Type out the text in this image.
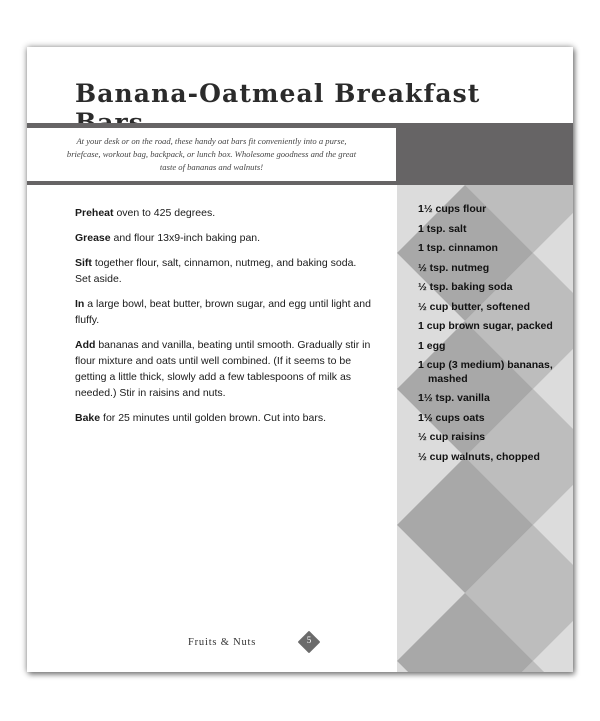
Banana-Oatmeal Breakfast

At your desk or on the road, these handy oat bars fit conveniently into a purse, briefcase, workout bag, backpack, or lunch box. Wholesome goodness and the great taste of bananas and walnuts!

Preheat oven to 425 degrees.

Grease and flour 13x9-inch baking pan.

Sift together flour, salt, cinnamon, nutmeg, and baking soda. Set aside.

In a large bowl, beat butter, brown sugar, and egg until light and fluffy.

Add bananas and vanilla, beating until smooth. Gradually stir in flour mixture and oats until well combined. (If it seems to be getting a little thick, slowly add a few tablespoons of milk as needed.) Stir in raisins and nuts.

Bake for 25 minutes until golden brown. Cut into bars.

1½ cups flour
1 tsp. salt
1 tsp. cinnamon
½ tsp. nutmeg
½ tsp. baking soda
½ cup butter, softened
1 cup brown sugar, packed
1 egg
1 cup (3 medium) bananas, mashed
1½ tsp. vanilla
1½ cups oats
½ cup raisins
½ cup walnuts, chopped
Fruits & Nuts	5
